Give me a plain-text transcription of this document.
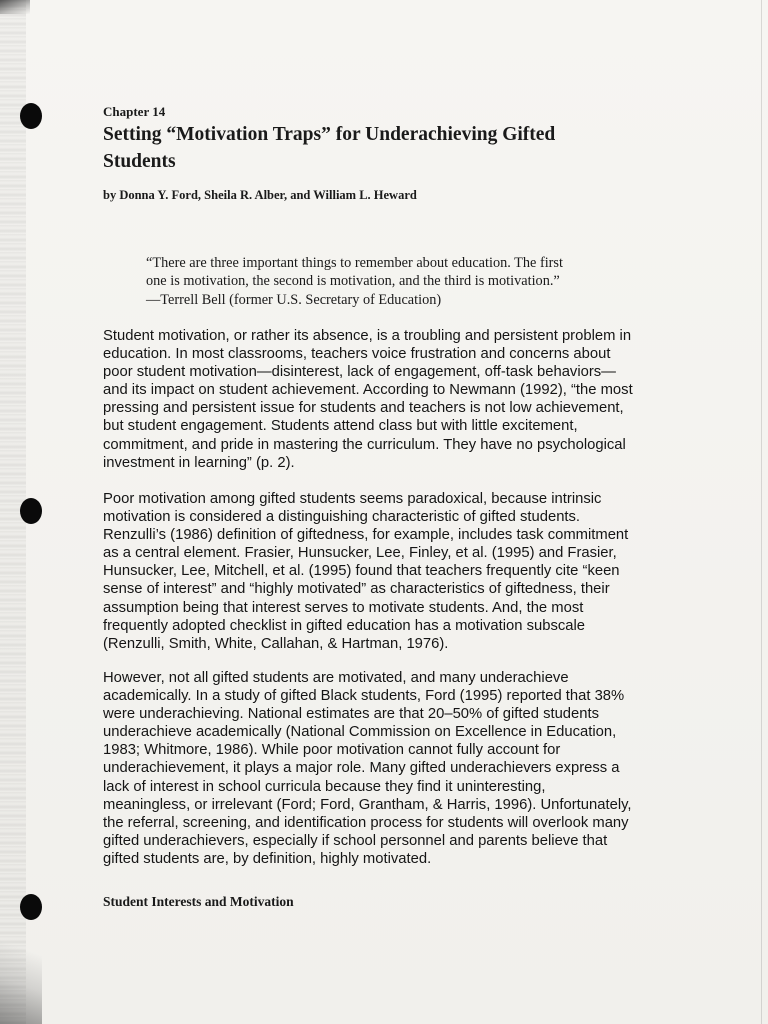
Chapter 14
Setting “Motivation Traps” for Underachieving Gifted
Students
by Donna Y. Ford, Sheila R. Alber, and William L. Heward
“There are three important things to remember about education. The first
one is motivation, the second is motivation, and the third is motivation.”
—Terrell Bell (former U.S. Secretary of Education)
Student motivation, or rather its absence, is a troubling and persistent problem in
education. In most classrooms, teachers voice frustration and concerns about
poor student motivation—disinterest, lack of engagement, off-task behaviors—
and its impact on student achievement. According to Newmann (1992), “the most
pressing and persistent issue for students and teachers is not low achievement,
but student engagement. Students attend class but with little excitement,
commitment, and pride in mastering the curriculum. They have no psychological
investment in learning” (p. 2).
Poor motivation among gifted students seems paradoxical, because intrinsic
motivation is considered a distinguishing characteristic of gifted students.
Renzulli’s (1986) definition of giftedness, for example, includes task commitment
as a central element. Frasier, Hunsucker, Lee, Finley, et al. (1995) and Frasier,
Hunsucker, Lee, Mitchell, et al. (1995) found that teachers frequently cite “keen
sense of interest” and “highly motivated” as characteristics of giftedness, their
assumption being that interest serves to motivate students. And, the most
frequently adopted checklist in gifted education has a motivation subscale
(Renzulli, Smith, White, Callahan, & Hartman, 1976).
However, not all gifted students are motivated, and many underachieve
academically. In a study of gifted Black students, Ford (1995) reported that 38%
were underachieving. National estimates are that 20–50% of gifted students
underachieve academically (National Commission on Excellence in Education,
1983; Whitmore, 1986). While poor motivation cannot fully account for
underachievement, it plays a major role. Many gifted underachievers express a
lack of interest in school curricula because they find it uninteresting,
meaningless, or irrelevant (Ford; Ford, Grantham, & Harris, 1996). Unfortunately,
the referral, screening, and identification process for students will overlook many
gifted underachievers, especially if school personnel and parents believe that
gifted students are, by definition, highly motivated.
Student Interests and Motivation
